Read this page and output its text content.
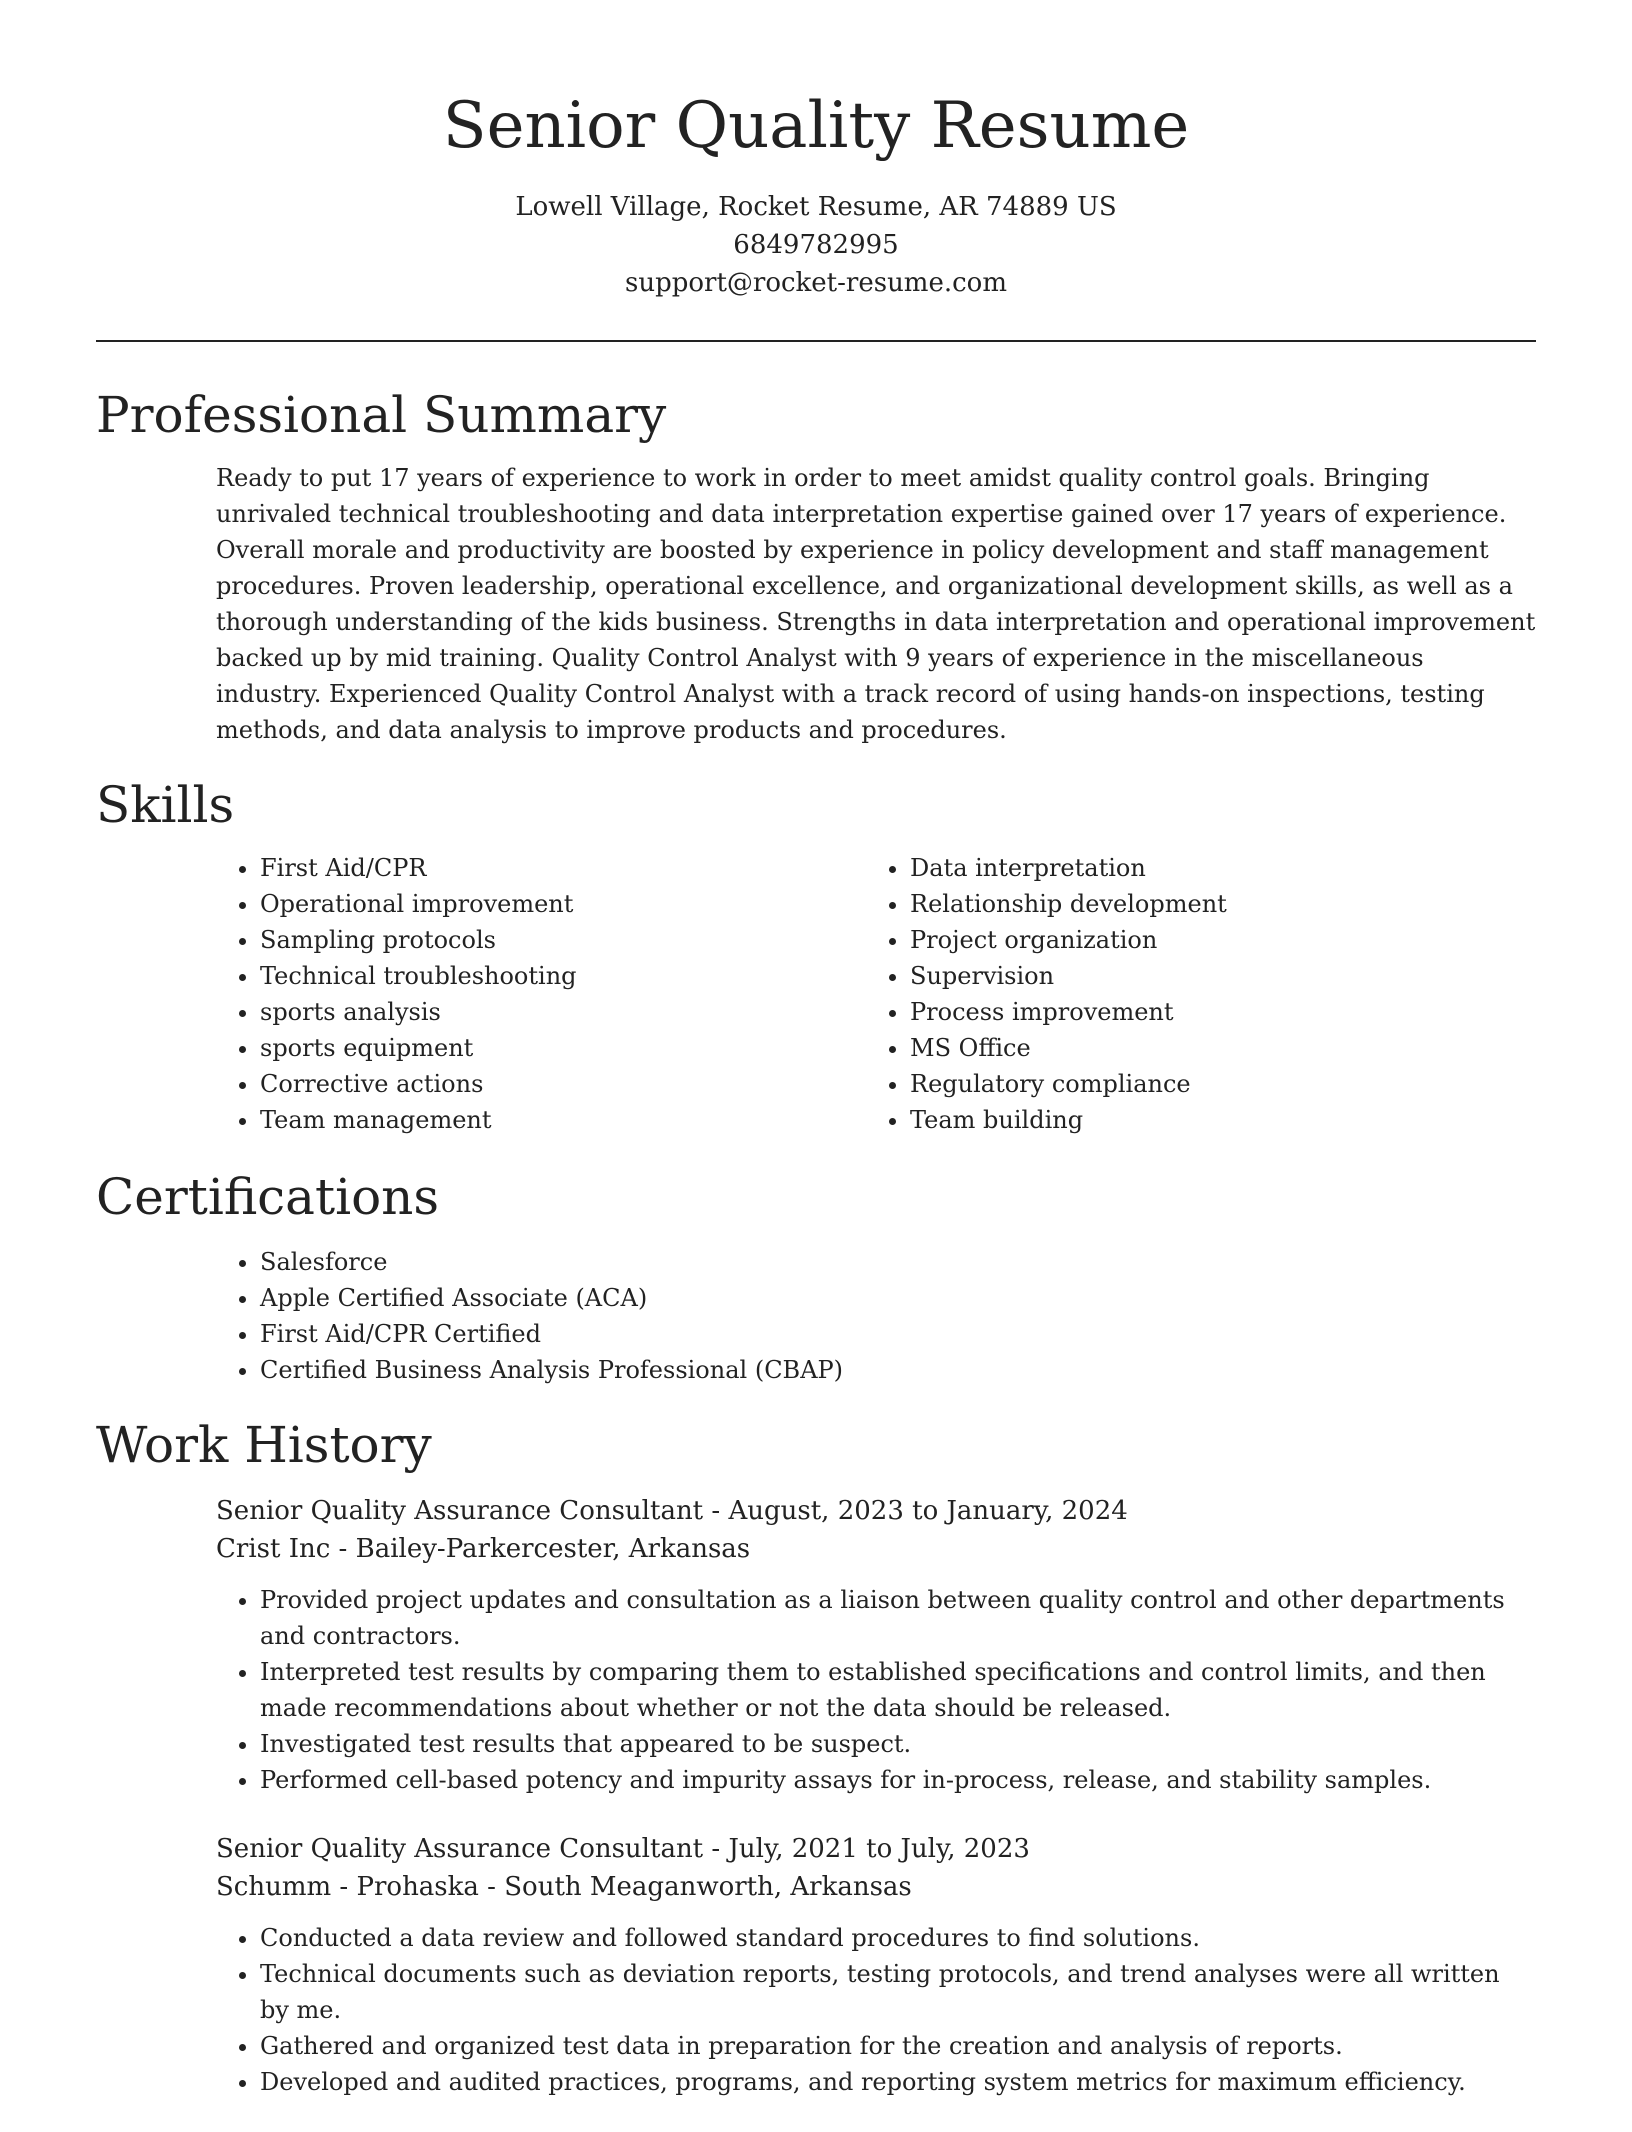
Senior Quality Resume
Lowell Village, Rocket Resume, AR 74889 US
6849782995
support@rocket-resume.com
Professional Summary

Ready to put 17 years of experience to work in order to meet amidst quality control goals. Bringing unrivaled technical troubleshooting and data interpretation expertise gained over 17 years of experience. Overall morale and productivity are boosted by experience in policy development and staff management procedures. Proven leadership, operational excellence, and organizational development skills, as well as a thorough understanding of the kids business. Strengths in data interpretation and operational improvement backed up by mid training. Quality Control Analyst with 9 years of experience in the miscellaneous industry. Experienced Quality Control Analyst with a track record of using hands-on inspections, testing methods, and data analysis to improve products and procedures.

Skills
• First Aid/CPR
• Operational improvement
• Sampling protocols
• Technical troubleshooting
• sports analysis
• sports equipment
• Corrective actions
• Team management
• Data interpretation
• Relationship development
• Project organization
• Supervision
• Process improvement
• MS Office
• Regulatory compliance
• Team building
Certifications
• Salesforce
• Apple Certified Associate (ACA)
• First Aid/CPR Certified
• Certified Business Analysis Professional (CBAP)
Work History
Senior Quality Assurance Consultant - August, 2023 to January, 2024
Crist Inc - Bailey-Parkercester, Arkansas
• Provided project updates and consultation as a liaison between quality control and other departments and contractors.
• Interpreted test results by comparing them to established specifications and control limits, and then made recommendations about whether or not the data should be released.
• Investigated test results that appeared to be suspect.
• Performed cell-based potency and impurity assays for in-process, release, and stability samples.
Senior Quality Assurance Consultant - July, 2021 to July, 2023
Schumm - Prohaska - South Meaganworth, Arkansas
• Conducted a data review and followed standard procedures to find solutions.
• Technical documents such as deviation reports, testing protocols, and trend analyses were all written by me.
• Gathered and organized test data in preparation for the creation and analysis of reports.
• Developed and audited practices, programs, and reporting system metrics for maximum efficiency.
